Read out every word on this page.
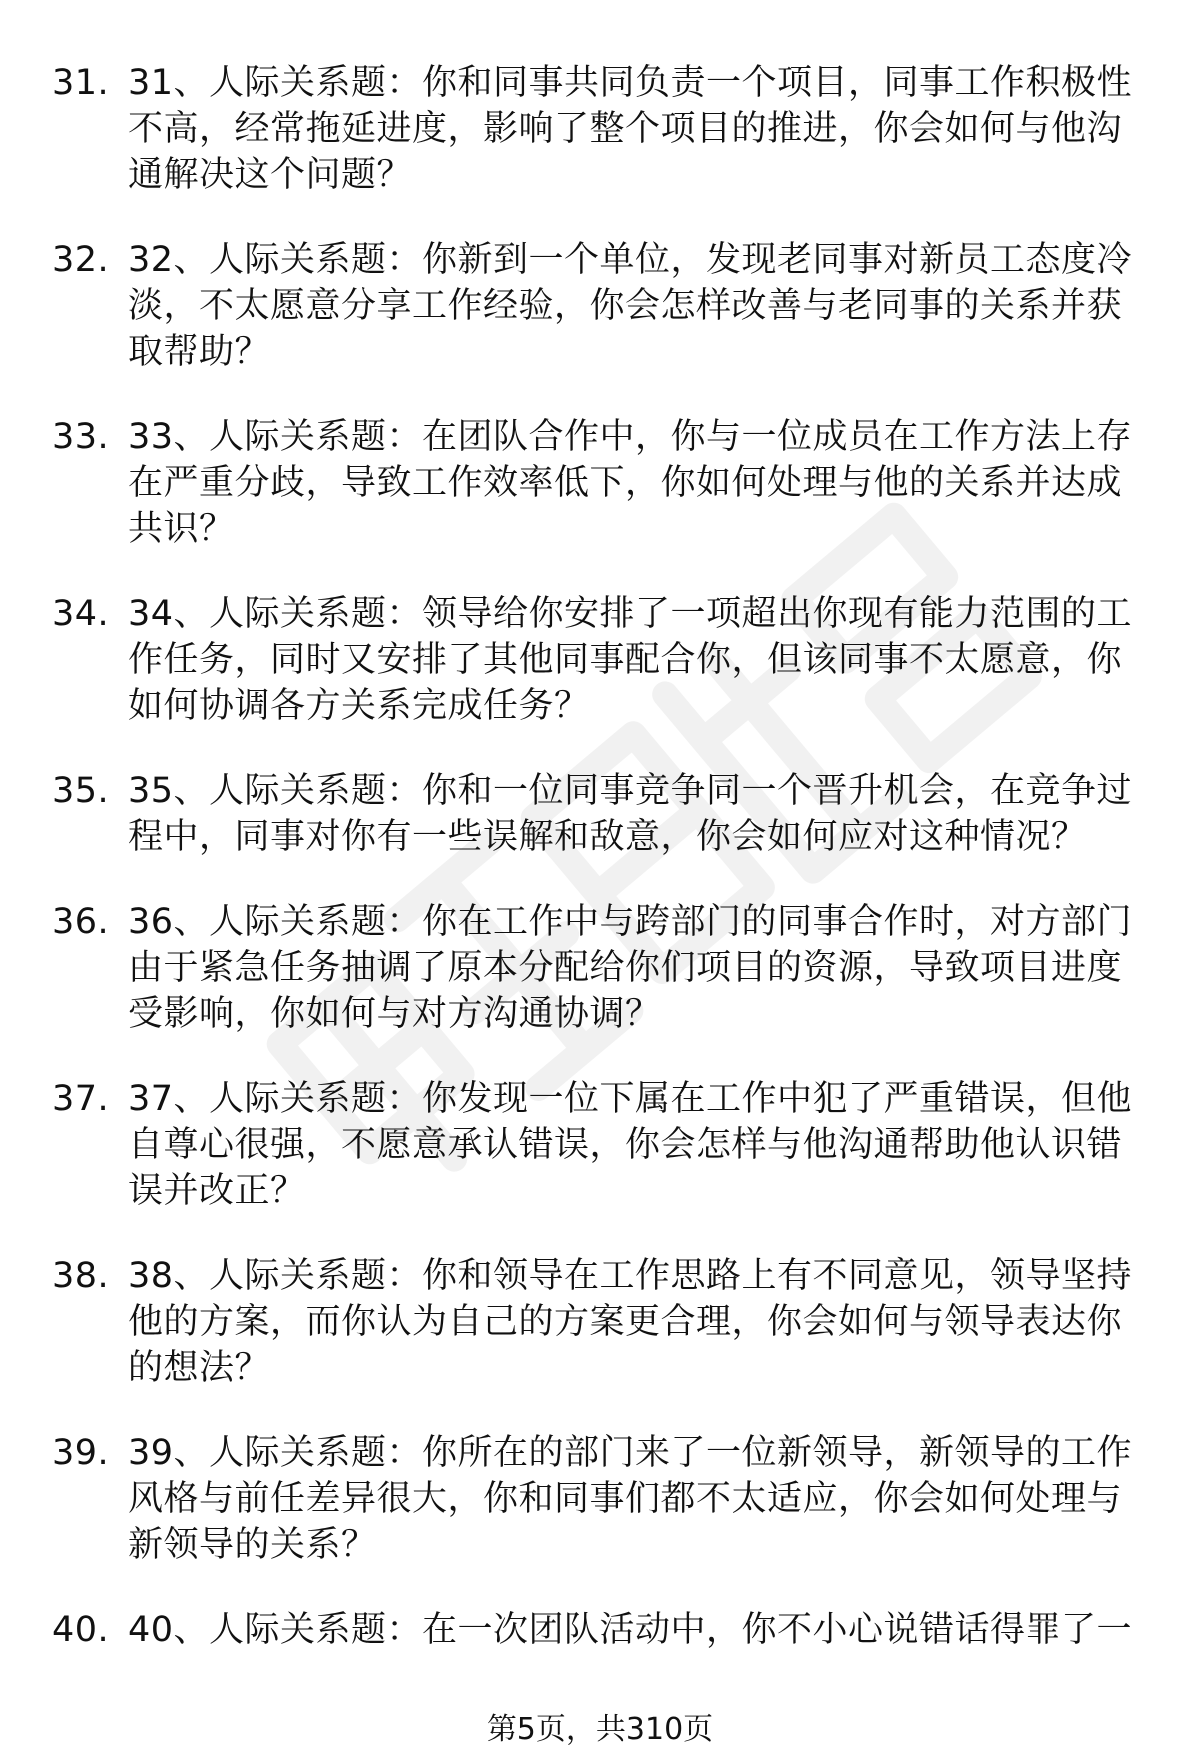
31. 31、人际关系题：你和同事共同负责一个项目，同事工作积极性不高，经常拖延进度，影响了整个项目的推进，你会如何与他沟通解决这个问题？
32. 32、人际关系题：你新到一个单位，发现老同事对新员工态度冷淡，不太愿意分享工作经验，你会怎样改善与老同事的关系并获取帮助？
33. 33、人际关系题：在团队合作中，你与一位成员在工作方法上存在严重分歧，导致工作效率低下，你如何处理与他的关系并达成共识？
34. 34、人际关系题：领导给你安排了一项超出你现有能力范围的工作任务，同时又安排了其他同事配合你，但该同事不太愿意，你如何协调各方关系完成任务？
35. 35、人际关系题：你和一位同事竞争同一个晋升机会，在竞争过程中，同事对你有一些误解和敌意，你会如何应对这种情况？
36. 36、人际关系题：你在工作中与跨部门的同事合作时，对方部门由于紧急任务抽调了原本分配给你们项目的资源，导致项目进度受影响，你如何与对方沟通协调？
37. 37、人际关系题：你发现一位下属在工作中犯了严重错误，但他自尊心很强，不愿意承认错误，你会怎样与他沟通帮助他认识错误并改正？
38. 38、人际关系题：你和领导在工作思路上有不同意见，领导坚持他的方案，而你认为自己的方案更合理，你会如何与领导表达你的想法？
39. 39、人际关系题：你所在的部门来了一位新领导，新领导的工作风格与前任差异很大，你和同事们都不太适应，你会如何处理与新领导的关系？
40. 40、人际关系题：在一次团队活动中，你不小心说错话得罪了一
第5页，共310页
